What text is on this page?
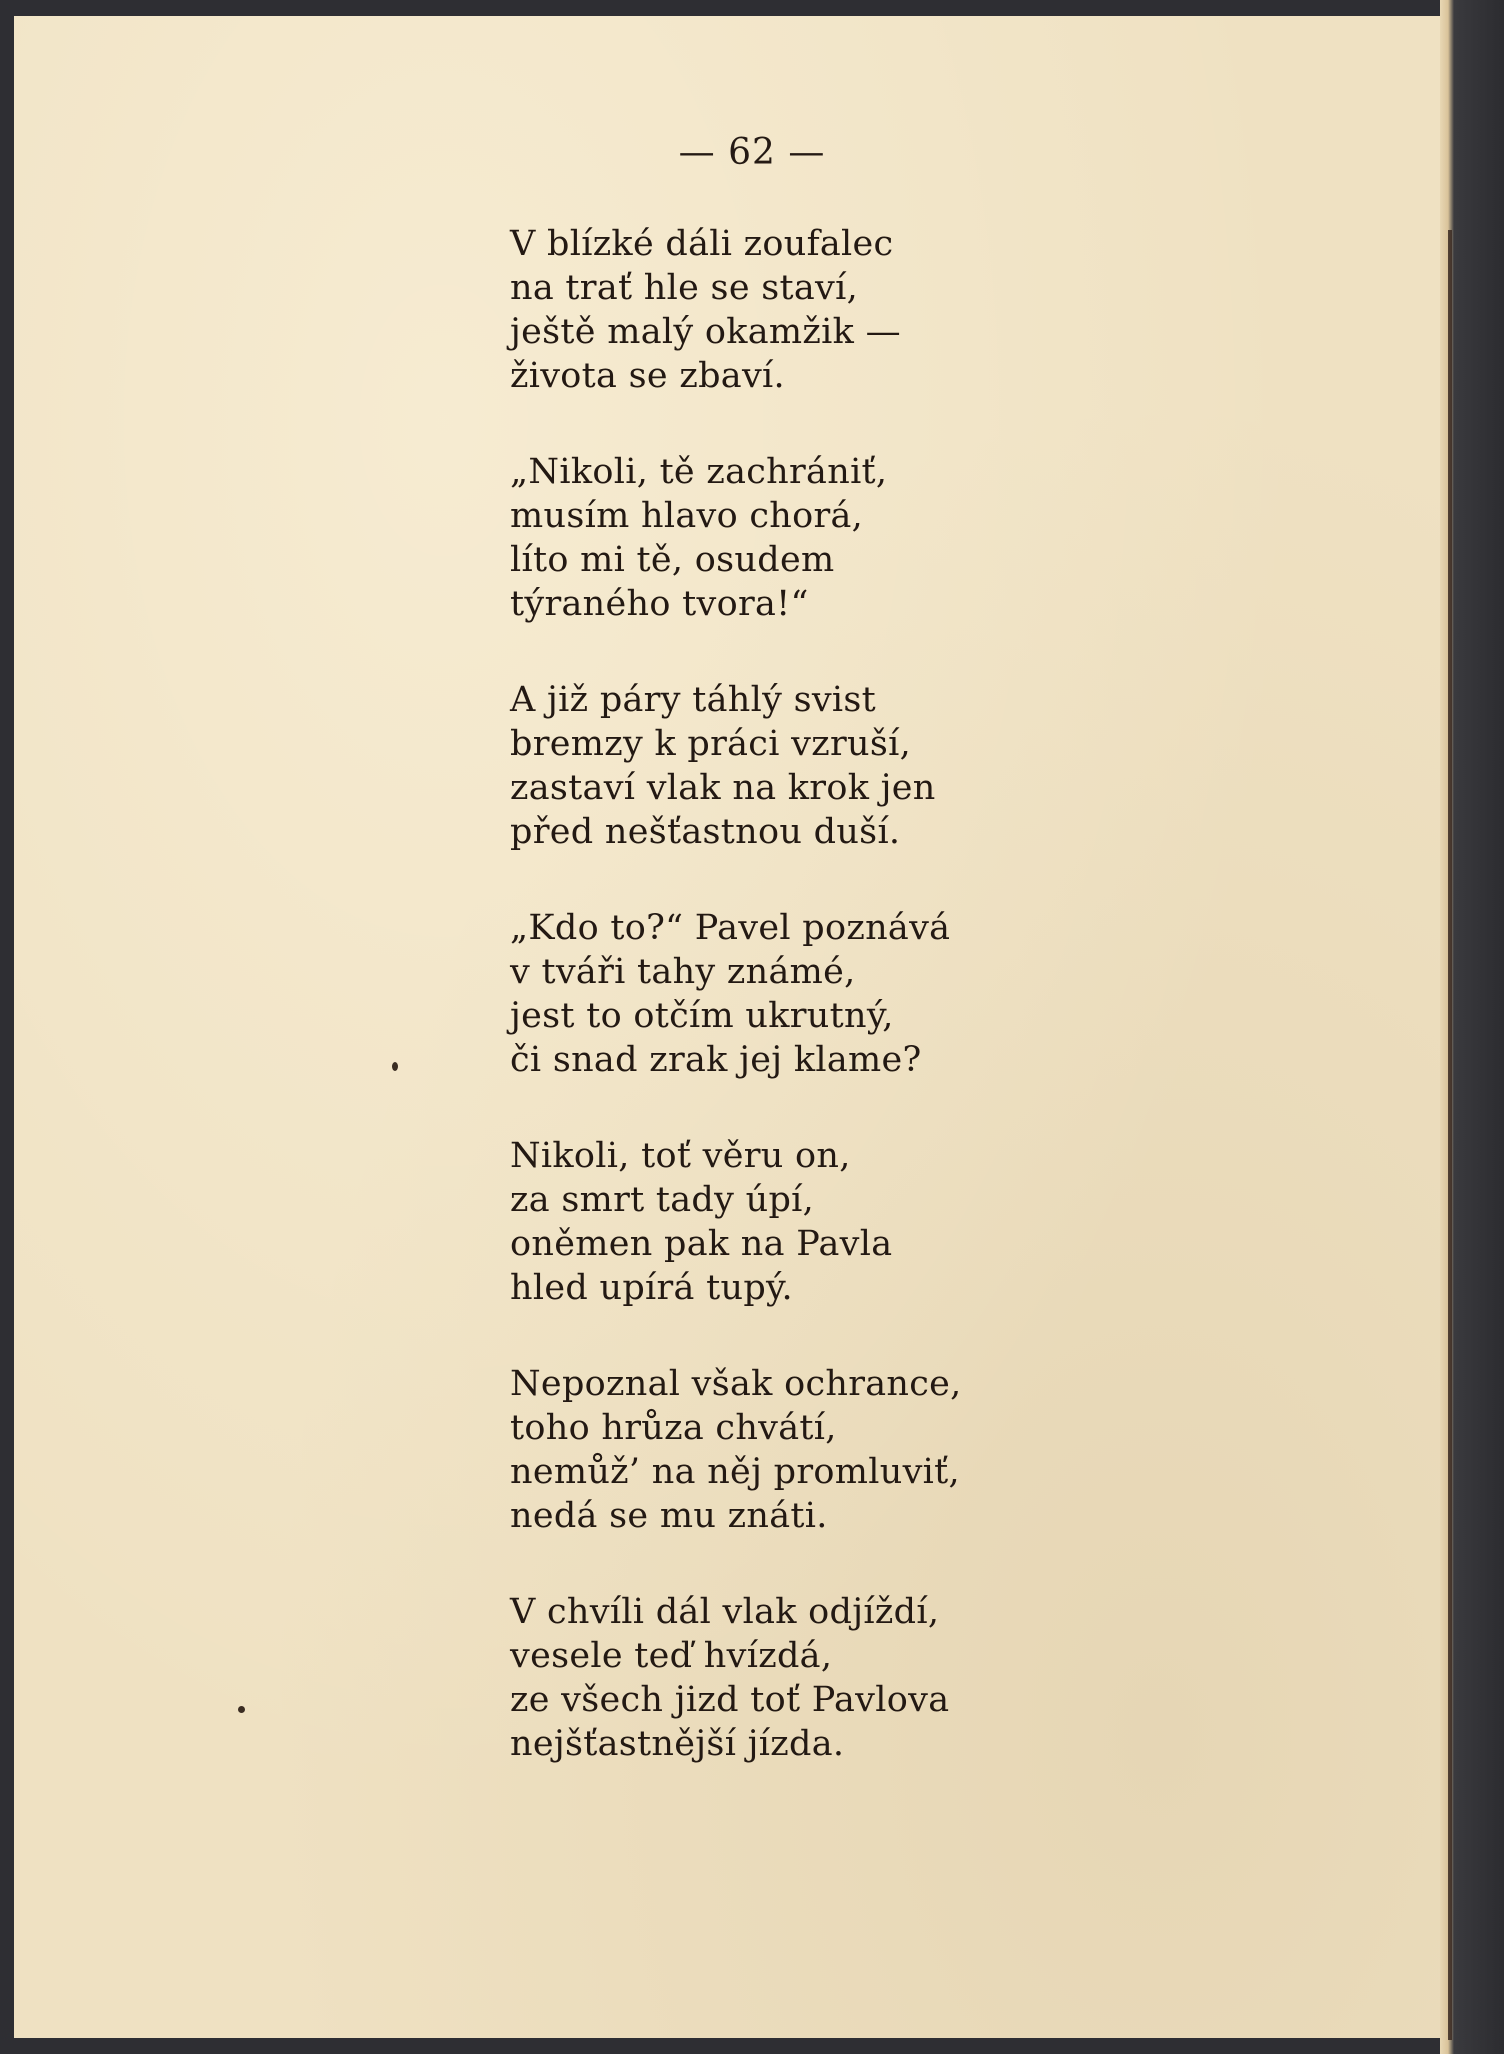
— 62 —
V blízké dáli zoufalec
na trať hle se staví,
ještě malý okamžik —
života se zbaví.
„Nikoli, tě zachrániť,
musím hlavo chorá,
líto mi tě, osudem
týraného tvora!“
A již páry táhlý svist
bremzy k práci vzruší,
zastaví vlak na krok jen
před nešťastnou duší.
„Kdo to?“ Pavel poznává
v tváři tahy známé,
jest to otčím ukrutný,
či snad zrak jej klame?
Nikoli, toť věru on,
za smrt tady úpí,
oněmen pak na Pavla
hled upírá tupý.
Nepoznal však ochrance,
toho hrůza chvátí,
nemůž’ na něj promluviť,
nedá se mu znáti.
V chvíli dál vlak odjíždí,
vesele teď hvízdá,
ze všech jizd toť Pavlova
nejšťastnější jízda.
